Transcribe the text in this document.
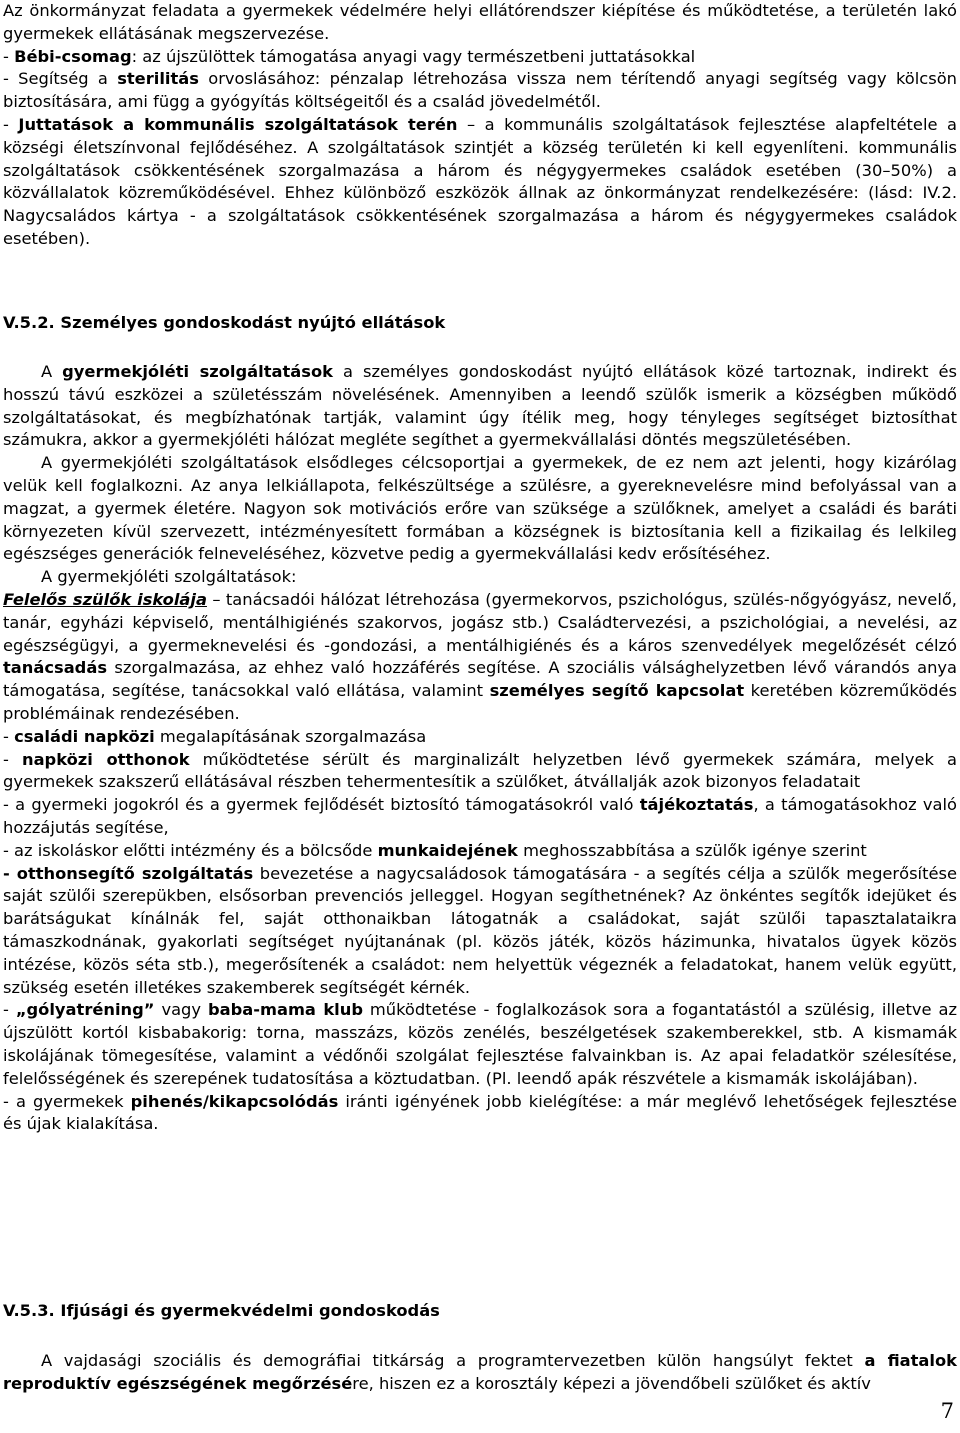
Az önkormányzat feladata a gyermekek védelmére helyi ellátórendszer kiépítése és működtetése, a területén lakó gyermekek ellátásának megszervezése.

- Bébi-csomag: az újszülöttek támogatása anyagi vagy természetbeni juttatásokkal

- Segítség a sterilitás orvoslásához: pénzalap létrehozása vissza nem térítendő anyagi segítség vagy kölcsön biztosítására, ami függ a gyógyítás költségeitől és a család jövedelmétől.

- Juttatások a kommunális szolgáltatások terén – a kommunális szolgáltatások fejlesztése alapfeltétele a községi életszínvonal fejlődéséhez. A szolgáltatások szintjét a község területén ki kell egyenlíteni. kommunális szolgáltatások csökkentésének szorgalmazása a három és négygyermekes családok esetében (30–50%) a közvállalatok közreműködésével. Ehhez különböző eszközök állnak az önkormányzat rendelkezésére: (lásd: IV.2. Nagycsaládos kártya - a szolgáltatások csökkentésének szorgalmazása a három és négygyermekes családok esetében).

V.5.2. Személyes gondoskodást nyújtó ellátások

A gyermekjóléti szolgáltatások a személyes gondoskodást nyújtó ellátások közé tartoznak, indirekt és hosszú távú eszközei a születésszám növelésének. Amennyiben a leendő szülők ismerik a községben működő szolgáltatásokat, és megbízhatónak tartják, valamint úgy ítélik meg, hogy tényleges segítséget biztosíthat számukra, akkor a gyermekjóléti hálózat megléte segíthet a gyermekvállalási döntés megszületésében.

A gyermekjóléti szolgáltatások elsődleges célcsoportjai a gyermekek, de ez nem azt jelenti, hogy kizárólag velük kell foglalkozni. Az anya lelkiállapota, felkészültsége a szülésre, a gyereknevelésre mind befolyással van a magzat, a gyermek életére. Nagyon sok motivációs erőre van szüksége a szülőknek, amelyet a családi és baráti környezeten kívül szervezett, intézményesített formában a községnek is biztosítania kell a fizikailag és lelkileg egészséges generációk felneveléséhez, közvetve pedig a gyermekvállalási kedv erősítéséhez.

A gyermekjóléti szolgáltatások:

Felelős szülők iskolája – tanácsadói hálózat létrehozása (gyermekorvos, pszichológus, szülés-nőgyógyász, nevelő, tanár, egyházi képviselő, mentálhigiénés szakorvos, jogász stb.) Családtervezési, a pszichológiai, a nevelési, az egészségügyi, a gyermeknevelési és -gondozási, a mentálhigiénés és a káros szenvedélyek megelőzését célzó tanácsadás szorgalmazása, az ehhez való hozzáférés segítése. A szociális válsághelyzetben lévő várandós anya támogatása, segítése, tanácsokkal való ellátása, valamint személyes segítő kapcsolat keretében közreműködés problémáinak rendezésében.

- családi napközi megalapításának szorgalmazása

- napközi otthonok működtetése sérült és marginalizált helyzetben lévő gyermekek számára, melyek a gyermekek szakszerű ellátásával részben tehermentesítik a szülőket, átvállalják azok bizonyos feladatait

- a gyermeki jogokról és a gyermek fejlődését biztosító támogatásokról való tájékoztatás, a támogatásokhoz való hozzájutás segítése,

- az iskoláskor előtti intézmény és a bölcsőde munkaidejének meghosszabbítása a szülők igénye szerint

- otthonsegítő szolgáltatás bevezetése a nagycsaládosok támogatására - a segítés célja a szülők megerősítése saját szülői szerepükben, elsősorban prevenciós jelleggel. Hogyan segíthetnének? Az önkéntes segítők idejüket és barátságukat kínálnák fel, saját otthonaikban látogatnák a családokat, saját szülői tapasztalataikra támaszkodnának, gyakorlati segítséget nyújtanának (pl. közös játék, közös házimunka, hivatalos ügyek közös intézése, közös séta stb.), megerősítenék a családot: nem helyettük végeznék a feladatokat, hanem velük együtt, szükség esetén illetékes szakemberek segítségét kérnék.

- „gólyatréning” vagy baba-mama klub működtetése - foglalkozások sora a fogantatástól a szülésig, illetve az újszülött kortól kisbabakorig: torna, masszázs, közös zenélés, beszélgetések szakemberekkel, stb. A kismamák iskolájának tömegesítése, valamint a védőnői szolgálat fejlesztése falvainkban is. Az apai feladatkör szélesítése, felelősségének és szerepének tudatosítása a köztudatban. (Pl. leendő apák részvétele a kismamák iskolájában).

- a gyermekek pihenés/kikapcsolódás iránti igényének jobb kielégítése: a már meglévő lehetőségek fejlesztése és újak kialakítása.

V.5.3. Ifjúsági és gyermekvédelmi gondoskodás

A vajdasági szociális és demográfiai titkárság a programtervezetben külön hangsúlyt fektet a fiatalok reproduktív egészségének megőrzésére, hiszen ez a korosztály képezi a jövendőbeli szülőket és aktív

7
